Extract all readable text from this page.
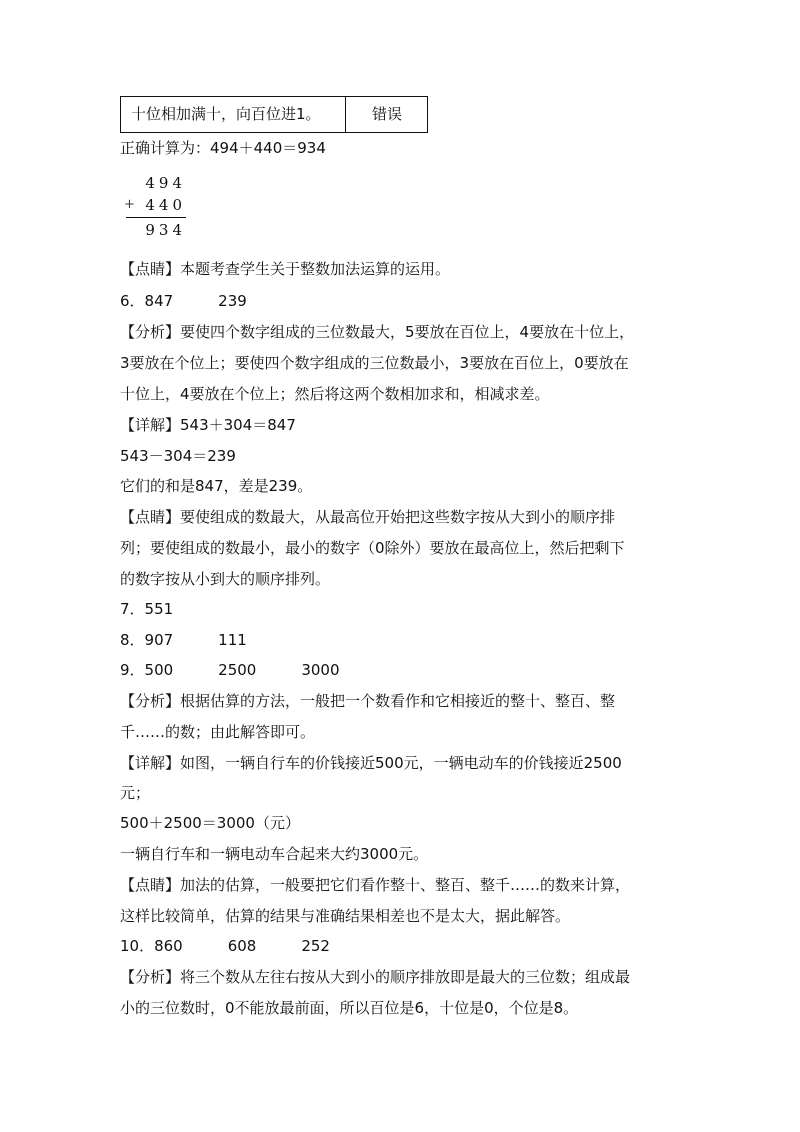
十位相加满十，向百位进1。	错误
正确计算为：494＋440＝934
494
+ 440
934
【点睛】本题考查学生关于整数加法运算的运用。
6．847　　　239
【分析】要使四个数字组成的三位数最大，5要放在百位上，4要放在十位上，
3要放在个位上；要使四个数字组成的三位数最小，3要放在百位上，0要放在
十位上，4要放在个位上；然后将这两个数相加求和，相减求差。
【详解】543＋304＝847
543－304＝239
它们的和是847，差是239。
【点睛】要使组成的数最大，从最高位开始把这些数字按从大到小的顺序排
列；要使组成的数最小，最小的数字（0除外）要放在最高位上，然后把剩下
的数字按从小到大的顺序排列。
7．551
8．907　　　111
9．500　　　2500　　　3000
【分析】根据估算的方法，一般把一个数看作和它相接近的整十、整百、整
千……的数；由此解答即可。
【详解】如图，一辆自行车的价钱接近500元，一辆电动车的价钱接近2500
元；
500＋2500＝3000（元）
一辆自行车和一辆电动车合起来大约3000元。
【点睛】加法的估算，一般要把它们看作整十、整百、整千……的数来计算，
这样比较简单，估算的结果与准确结果相差也不是太大，据此解答。
10．860　　　608　　　252
【分析】将三个数从左往右按从大到小的顺序排放即是最大的三位数；组成最
小的三位数时，0不能放最前面，所以百位是6，十位是0，个位是8。
